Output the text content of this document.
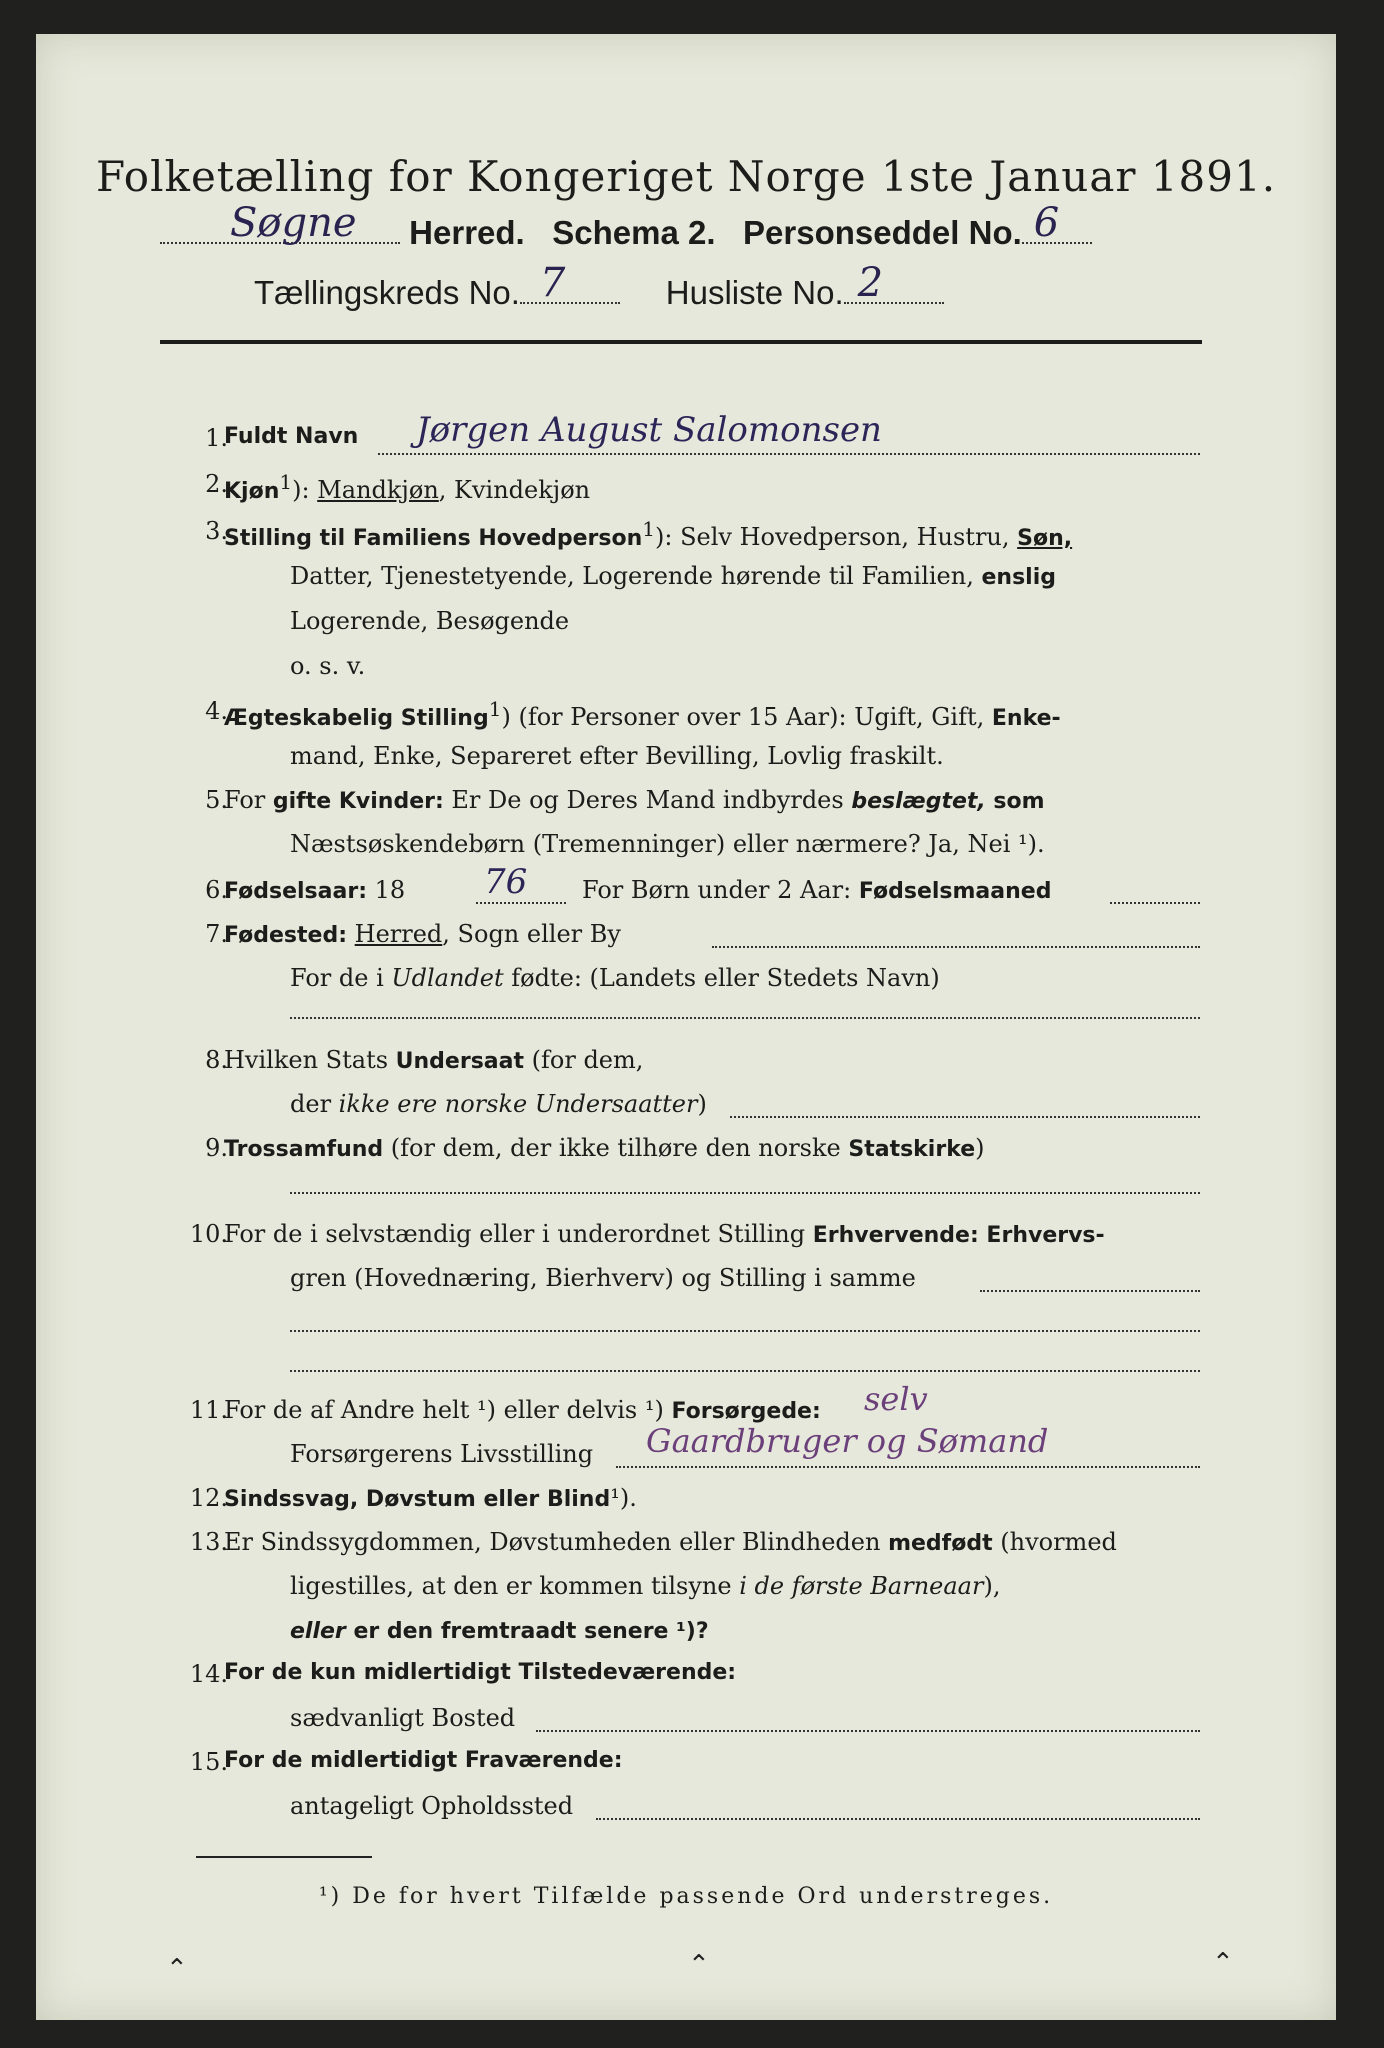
Folketælling for Kongeriget Norge 1ste Januar 1891.
Søgne Herred. Schema 2. Personseddel No. 6
Tællingskreds No. 7	Husliste No. 2
1.
Fuldt Navn Jørgen August Salomonsen
2.
Kjøn$^1$): Mandkjøn, Kvindekjøn
3.
Stilling til Familiens Hovedperson$^1$): Selv Hovedperson, Hustru, Søn,
Datter, Tjenestetyende, Logerende hørende til Familien, enslig
Logerende, Besøgende
o. s. v.
4.
Ægteskabelig Stilling$^1$) (for Personer over 15 Aar): Ugift, Gift, Enke-
mand, Enke, Separeret efter Bevilling, Lovlig fraskilt.
5.
For gifte Kvinder: Er De og Deres Mand indbyrdes beslægtet, som
Næstsøskendebørn (Tremenninger) eller nærmere? Ja, Nei ¹).
6.
Fødselsaar: 18 76 For Børn under 2 Aar: Fødselsmaaned
7.
Fødested: Herred, Sogn eller By
For de i Udlandet fødte: (Landets eller Stedets Navn)
8.
Hvilken Stats Undersaat (for dem,
der ikke ere norske Undersaatter)
9.
Trossamfund (for dem, der ikke tilhøre den norske Statskirke)
10.
For de i selvstændig eller i underordnet Stilling Erhvervende: Erhvervs-
gren (Hovednæring, Bierhverv) og Stilling i samme
11.
For de af Andre helt ¹) eller delvis ¹) Forsørgede: selv
Forsørgerens Livsstilling Gaardbruger og Sømand
12.
Sindssvag, Døvstum eller Blind¹).
13.
Er Sindssygdommen, Døvstumheden eller Blindheden medfødt (hvormed
ligestilles, at den er kommen tilsyne i de første Barneaar),
eller er den fremtraadt senere ¹)?
14.
For de kun midlertidigt Tilstedeværende:
sædvanligt Bosted
15.
For de midlertidigt Fraværende:
antageligt Opholdssted
¹) De for hvert Tilfælde passende Ord understreges.
⌃	⌃	⌃
